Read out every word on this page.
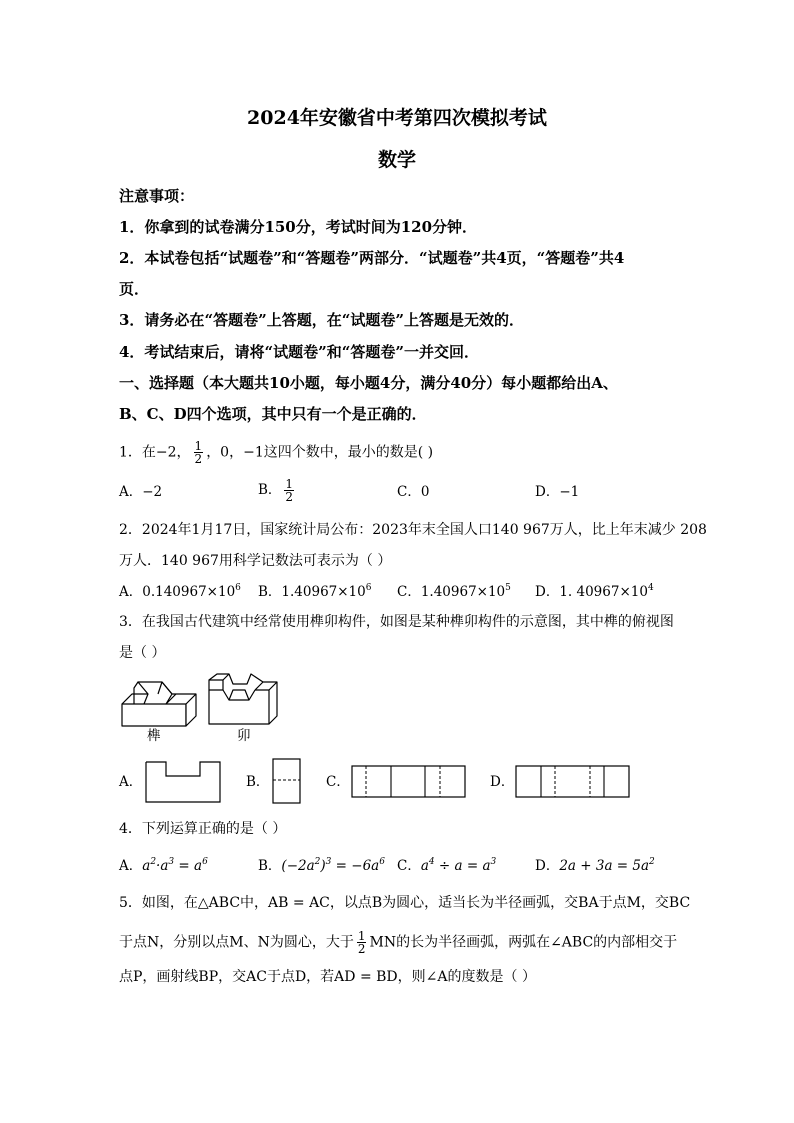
2024年安徽省中考第四次模拟考试
数学
注意事项：
1．你拿到的试卷满分150分，考试时间为120分钟．
2．本试卷包括“试题卷”和“答题卷”两部分．“试题卷”共4页，“答题卷”共4
页．
3．请务必在“答题卷”上答题，在“试题卷”上答题是无效的．
4．考试结束后，请将“试题卷”和“答题卷”一并交回．
一、选择题（本大题共10小题，每小题4分，满分40分）每小题都给出A、
B、C、D四个选项，其中只有一个是正确的．
1．在−2， $\frac{1}{2}$ ，0，−1这四个数中，最小的数是( )
A．−2	B． $\frac{1}{2}$	C．0	D．−1
2．2024年1月17日，国家统计局公布：2023年末全国人口140 967万人，比上年末减少 208
万人．140 967用科学记数法可表示为（ ）
A．$0.140967\times 10^6$ B．$1.40967\times 10^6$ C．$1.40967\times 10^5$ D．1. $40967\times 10^4$
3．在我国古代建筑中经常使用榫卯构件，如图是某种榫卯构件的示意图，其中榫的俯视图
是（ ）
榫	卯
A．	B．	C．	D．
4．下列运算正确的是（ ）
A．$a^2\cdot a^3 = a^6$	B．$(-2a^2)^3 = -6a^6$ C．$a^4 \div a = a^3$	D．$2a + 3a = 5a^2$
5．如图，在△ABC中，AB = AC，以点B为圆心，适当长为半径画弧，交BA于点M，交BC
于点N，分别以点M、N为圆心，大于 $\frac{1}{2}$ MN的长为半径画弧，两弧在∠ABC的内部相交于
点P，画射线BP，交AC于点D，若AD = BD，则∠A的度数是（ ）
